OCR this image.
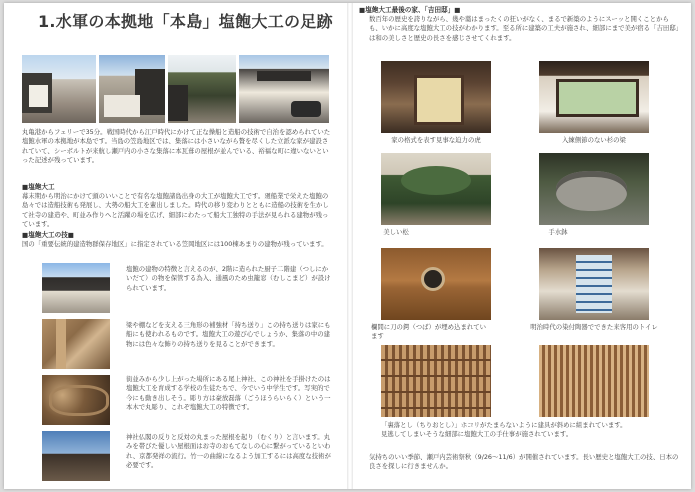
1.水軍の本拠地「本島」塩飽大工の足跡
丸亀港からフェリーで35分。戦国時代から江戸時代にかけて正な操船と造船の技術で自治を認められていた塩飽水軍の本拠地が本島です。当島の笠島地区では、集落には小さいながら贅を尽くした立派な家が建設されていて、シーボルトが来航し瀬戸内の小さな集落に本瓦葺の屋根が並んでいる、裕福な町に違いないといった記述が残っています。
■塩飽大工
幕末期から明治にかけて頭のいいことで有名な塩飽諸島出身の大工が塩飽大工です。廻船業で栄えた塩飽の島々では造船技術も発展し、大勢の船大工を輩出しました。時代の移り変わりとともに造船の技術を生かして社寺の建造や、町並み作りへと活躍の場を広げ、細部にわたって船大工独特の手法が見られる建物が残っています。
■塩飽大工の技■
国の「重要伝統的建造物群保存地区」に指定されている笠岡地区には100棟あまりの建物が残っています。
塩飽の建物の特徴と言えるのが、2階に造られた厨子二階建（つしにかいだて）の物を保管する為入、通風のため虫籠窓（むしこまど）が設けられています。
梁や棚などを支える三角形の補強材「持ち送り」この持ち送りは家にも船にも使われるものです。塩飽大工の遊び心でしょうか、集落の中の建物には色々な飾りの持ち送りを見ることができます。
街並みから少し上がった場所にある尾上神社、この神社を手掛けたのは塩飽大工を育成する学校の生徒たちで、今でいう中学生です。写実的で今にも動き出しそう。彫り方は豪放磊落（ごうほうらいらく）という一本木で丸彫り、これぞ塩飽大工の特徴です。
神社仏閣の反りと反対の丸まった屋根を起り（むくり）と言います。丸みを帯びた優しい屋根面はお寺のおもてなしの心に繋がっているといわれ、京都発祥の流行。竹一の曲線になるよう加工するには高度な技術が必要です。
■塩飽大工最後の家、「吉田邸」■
数百年の歴史を誇りながら、幾や藁はまったくの狂いがなく、まるで新築のようにスーッと開くことからも、いかに高度な塩飽大工の技がわかります。至る所に建築の工夫が施され、細部にまで美が宿る「吉田邸」は和の美しさと歴史の長さを感じさせてくれます。
家の格式を表す見事な迫力の虎	入練側節のない杉の梁
美しい松	手水鉢
欄間に刀の鍔（つば）が埋め込まれています
明治時代の染付陶器でできた来客用のトイレ
「裏落とし（ちりおとし）」ホコリがたまらないように建具が斜めに組まれています。
見逃してしまいそうな細部に塩飽大工の手仕事が施されています。
気持ちのいい季節、瀬戸内芸術祭秋（9/26～11/6）が開催されています。長い歴史と塩飽大工の技、日本の良さを探しに行きませんか。
